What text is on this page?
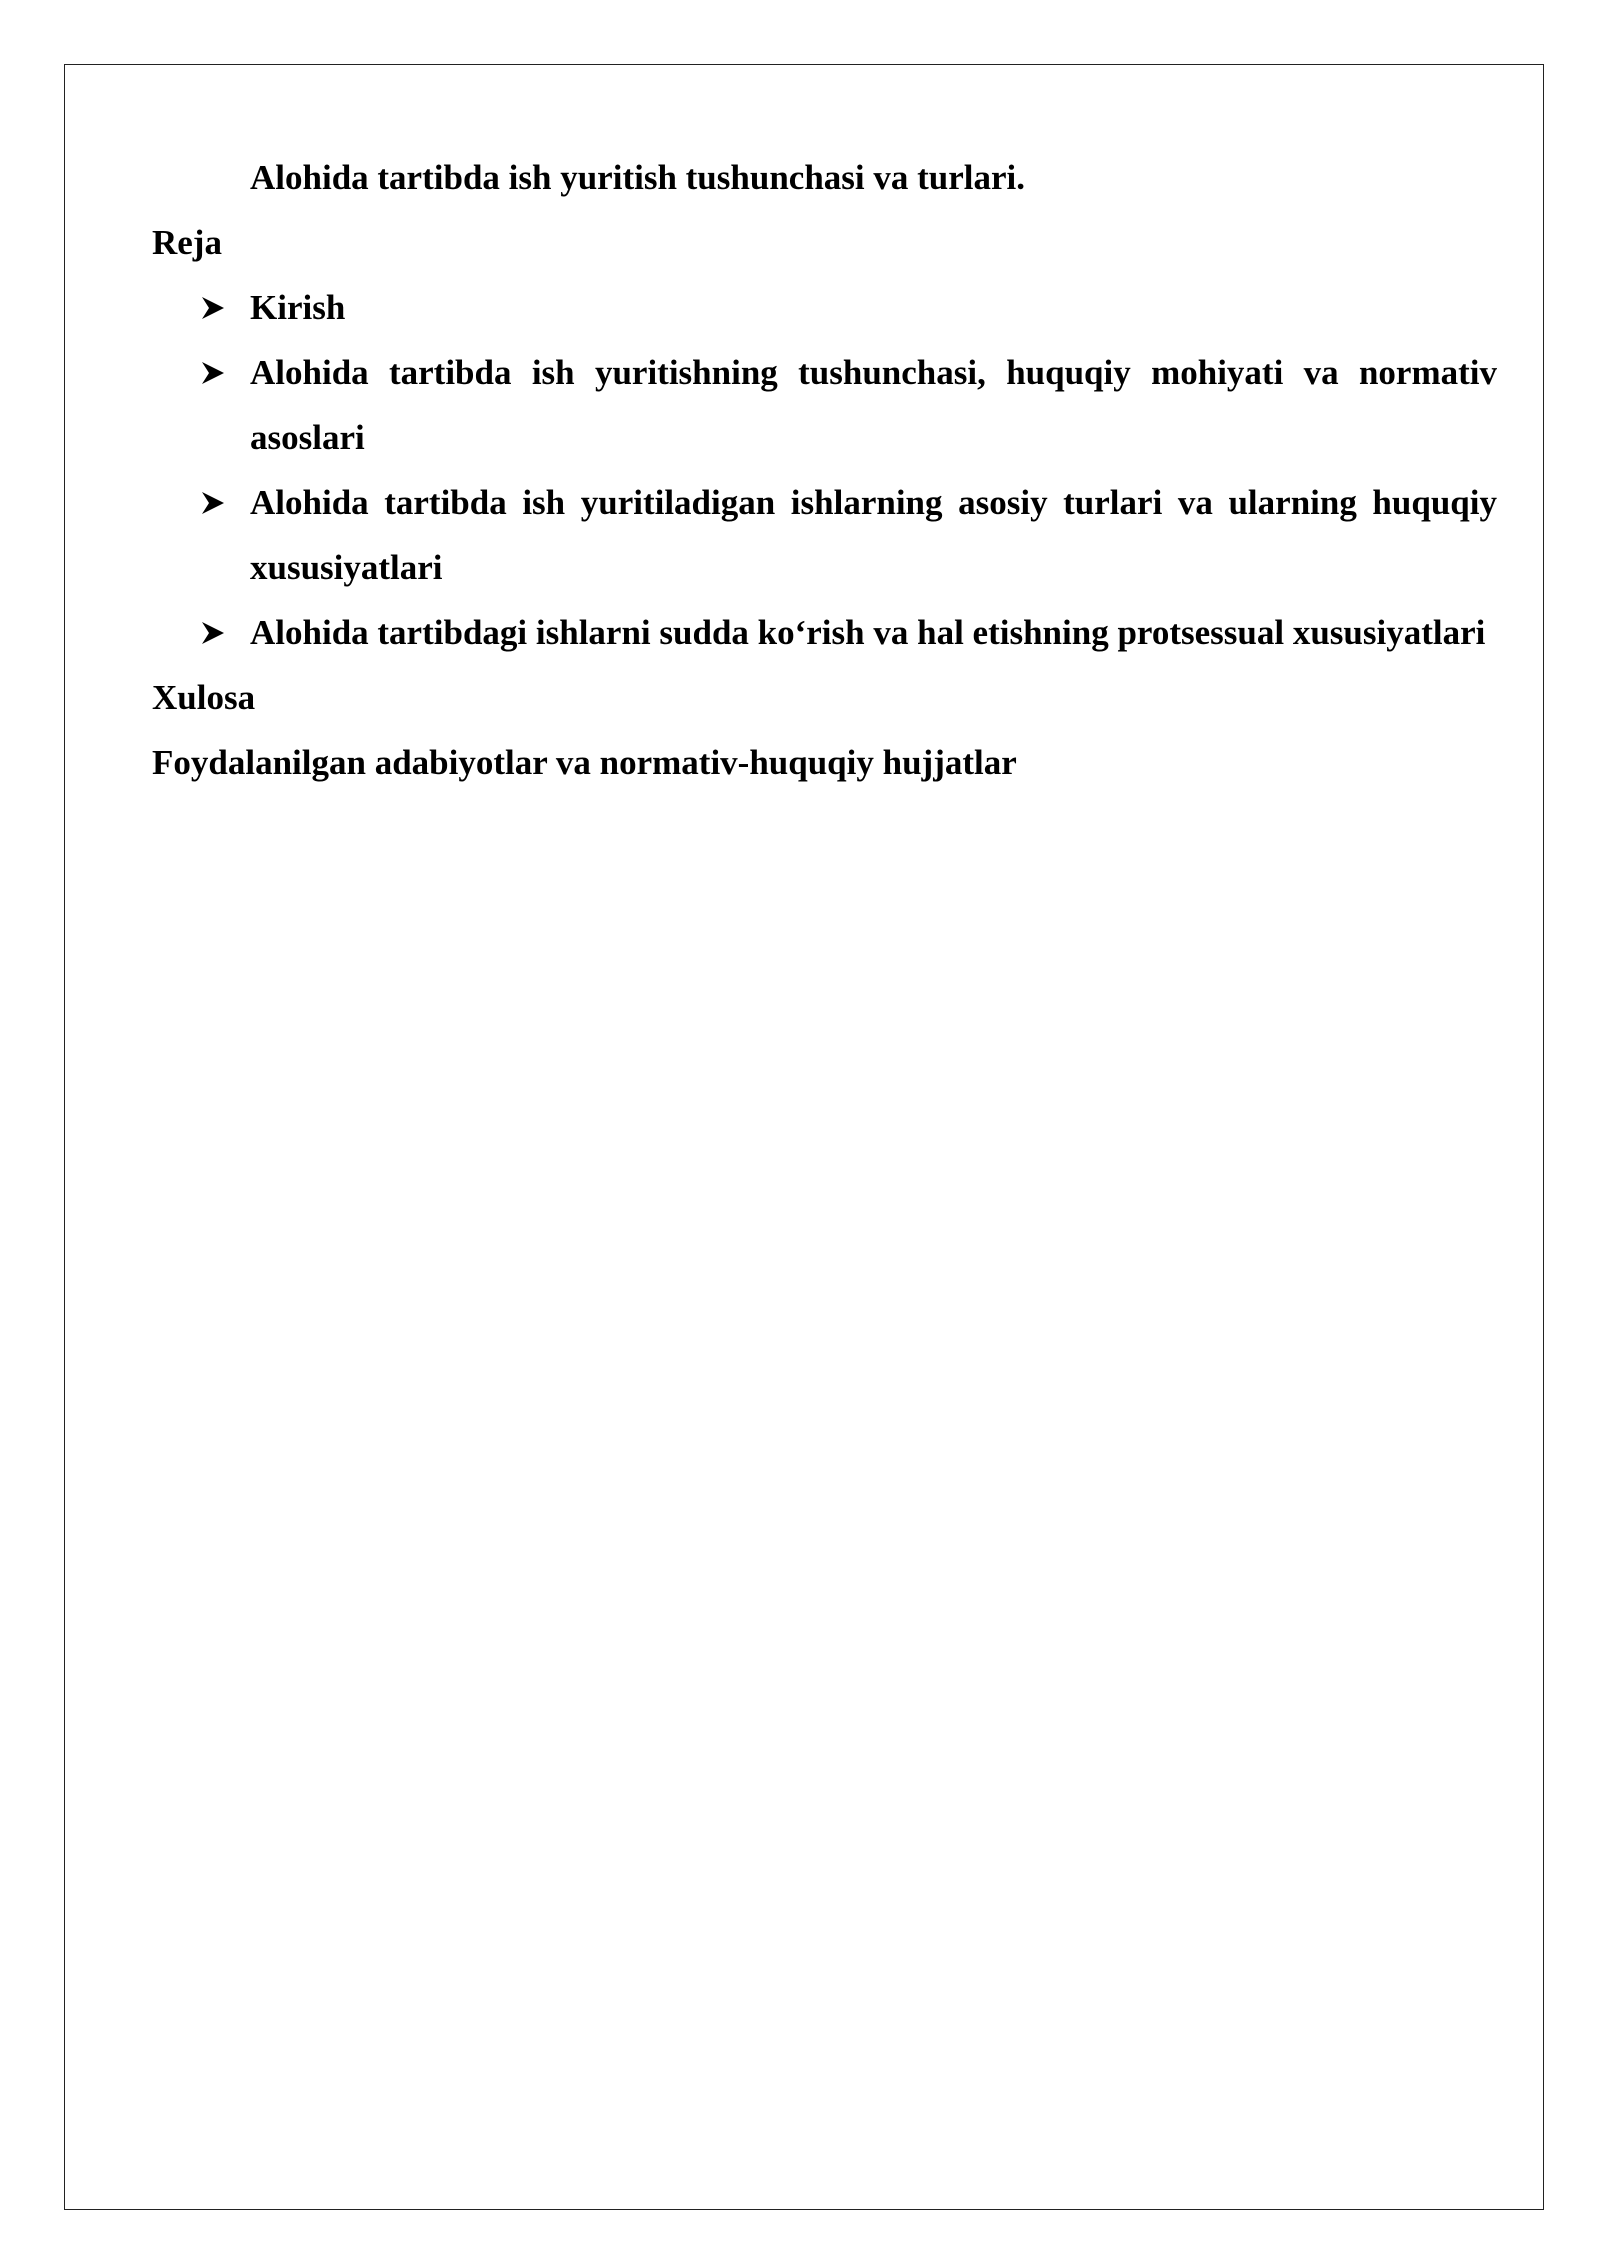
Alohida tartibda ish yuritish tushunchasi va turlari.
Reja
Kirish
Alohida tartibda ish yuritishning tushunchasi, huquqiy mohiyati va normativ asoslari
Alohida tartibda ish yuritiladigan ishlarning asosiy turlari va ularning huquqiy xususiyatlari
Alohida tartibdagi ishlarni sudda ko‘rish va hal etishning protsessual xususiyatlari
Xulosa
Foydalanilgan adabiyotlar va normativ-huquqiy hujjatlar
